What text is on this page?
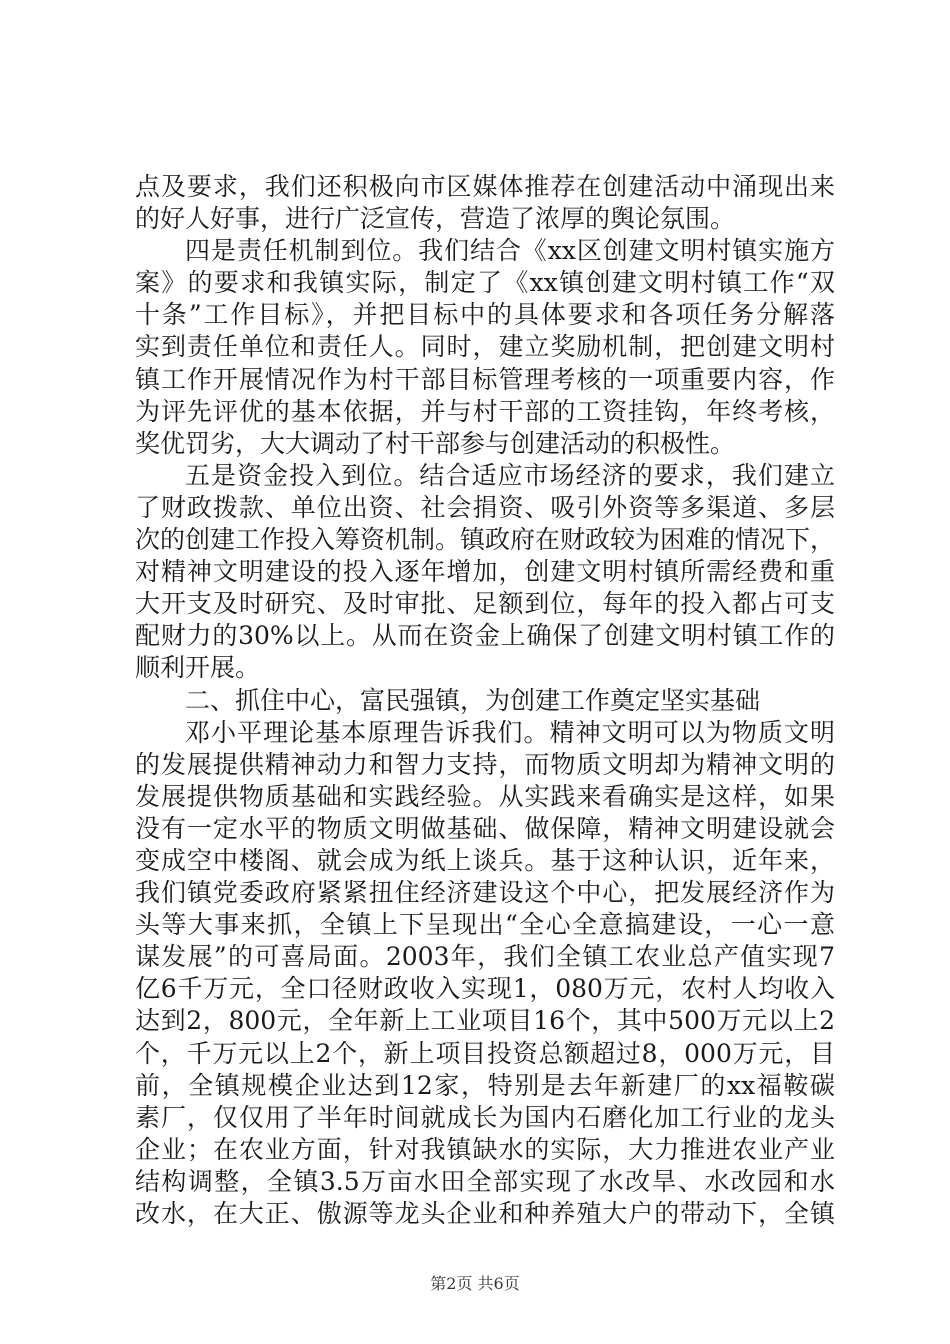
点及要求，我们还积极向市区媒体推荐在创建活动中涌现出来
的好人好事，进行广泛宣传，营造了浓厚的舆论氛围。
四是责任机制到位。我们结合《xx区创建文明村镇实施方
案》的要求和我镇实际，制定了《xx镇创建文明村镇工作“双
十条”工作目标》，并把目标中的具体要求和各项任务分解落
实到责任单位和责任人。同时，建立奖励机制，把创建文明村
镇工作开展情况作为村干部目标管理考核的一项重要内容，作
为评先评优的基本依据，并与村干部的工资挂钩，年终考核，
奖优罚劣，大大调动了村干部参与创建活动的积极性。
五是资金投入到位。结合适应市场经济的要求，我们建立
了财政拨款、单位出资、社会捐资、吸引外资等多渠道、多层
次的创建工作投入筹资机制。镇政府在财政较为困难的情况下，
对精神文明建设的投入逐年增加，创建文明村镇所需经费和重
大开支及时研究、及时审批、足额到位，每年的投入都占可支
配财力的30%以上。从而在资金上确保了创建文明村镇工作的
顺利开展。
二、抓住中心，富民强镇，为创建工作奠定坚实基础
邓小平理论基本原理告诉我们。精神文明可以为物质文明
的发展提供精神动力和智力支持，而物质文明却为精神文明的
发展提供物质基础和实践经验。从实践来看确实是这样，如果
没有一定水平的物质文明做基础、做保障，精神文明建设就会
变成空中楼阁、就会成为纸上谈兵。基于这种认识，近年来，
我们镇党委政府紧紧扭住经济建设这个中心，把发展经济作为
头等大事来抓，全镇上下呈现出“全心全意搞建设，一心一意
谋发展”的可喜局面。2003年，我们全镇工农业总产值实现7
亿6千万元，全口径财政收入实现1，080万元，农村人均收入
达到2，800元，全年新上工业项目16个，其中500万元以上2
个，千万元以上2个，新上项目投资总额超过8，000万元，目
前，全镇规模企业达到12家，特别是去年新建厂的xx福鞍碳
素厂，仅仅用了半年时间就成长为国内石磨化加工行业的龙头
企业；在农业方面，针对我镇缺水的实际，大力推进农业产业
结构调整，全镇3.5万亩水田全部实现了水改旱、水改园和水
改水，在大正、傲源等龙头企业和种养殖大户的带动下，全镇
第2页 共6页
